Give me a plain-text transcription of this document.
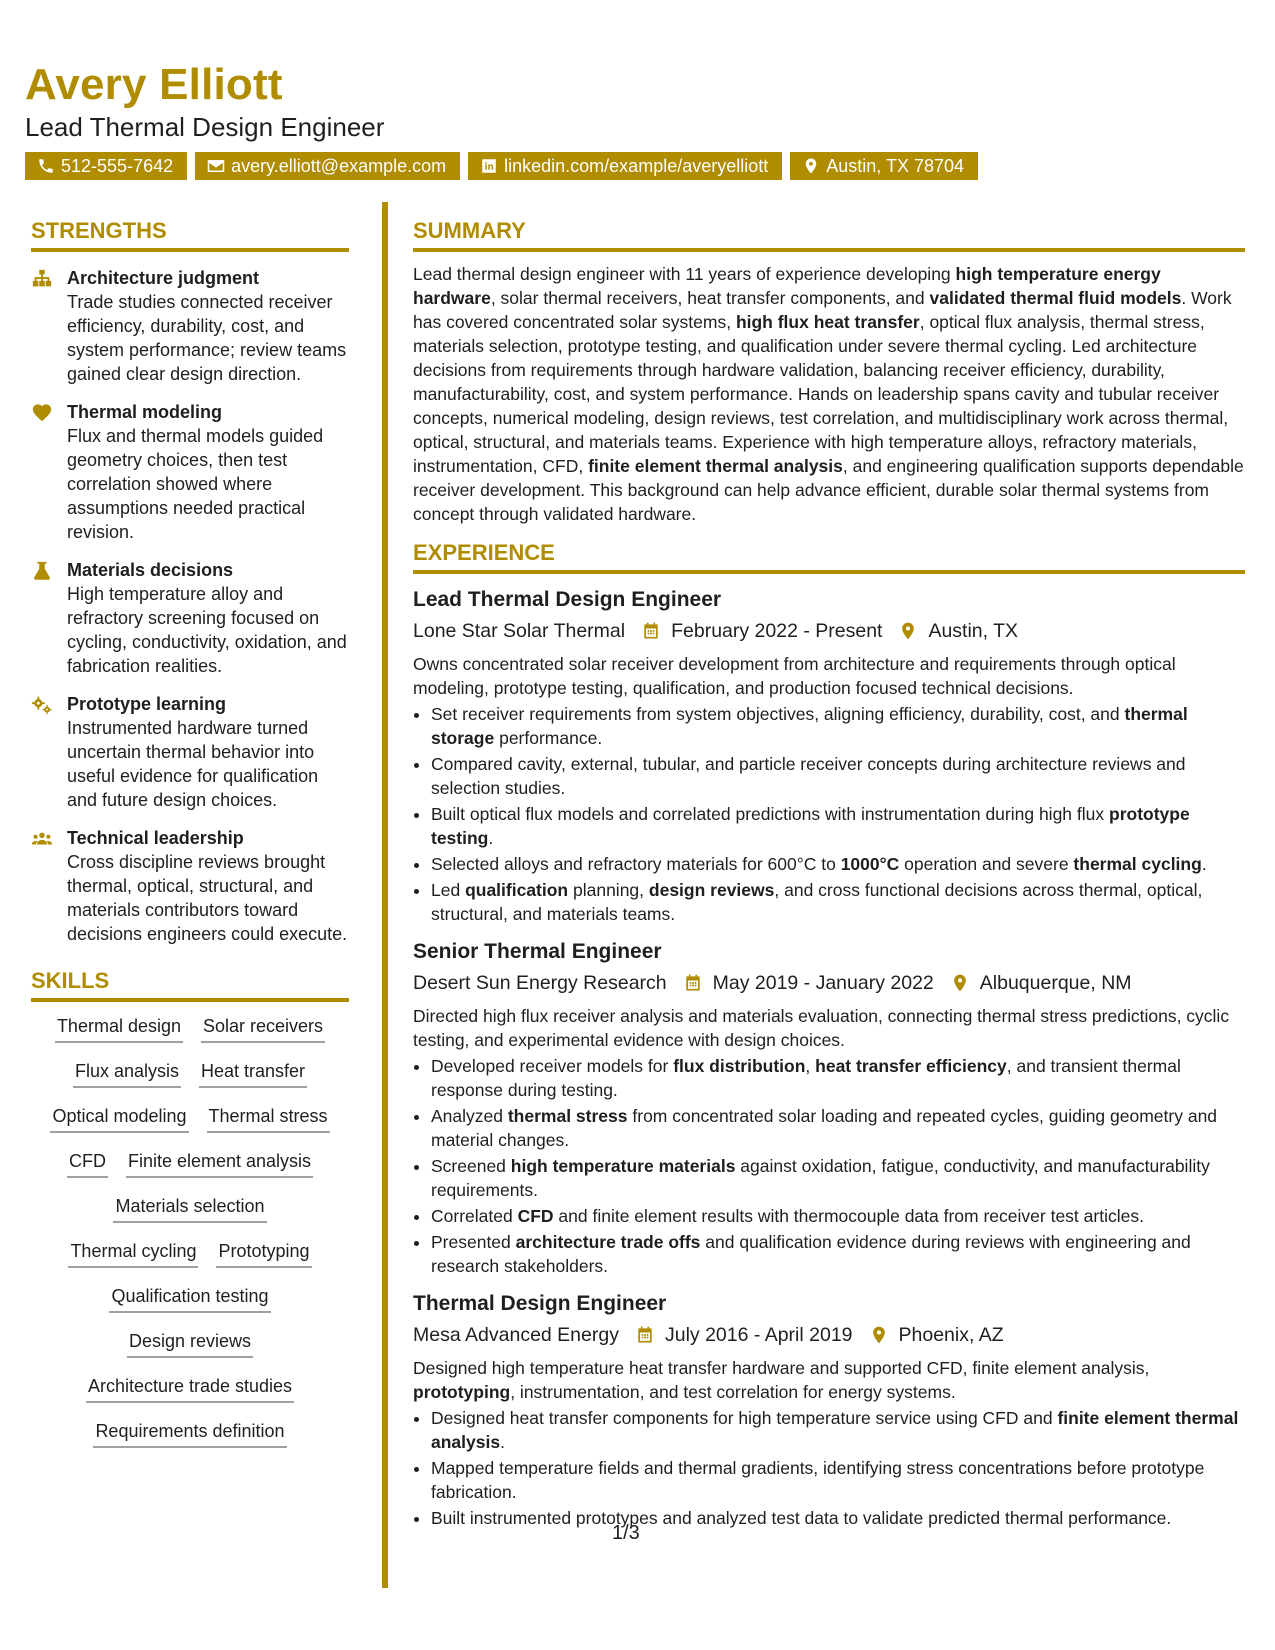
Avery Elliott
Lead Thermal Design Engineer
512-555-7642	avery.elliott@example.com	linkedin.com/example/averyelliott	Austin, TX 78704
STRENGTHS
Architecture judgment
Trade studies connected receiver efficiency, durability, cost, and system performance; review teams gained clear design direction.
Thermal modeling
Flux and thermal models guided geometry choices, then test correlation showed where assumptions needed practical revision.
Materials decisions
High temperature alloy and refractory screening focused on cycling, conductivity, oxidation, and fabrication realities.
Prototype learning
Instrumented hardware turned uncertain thermal behavior into useful evidence for qualification and future design choices.
Technical leadership
Cross discipline reviews brought thermal, optical, structural, and materials contributors toward decisions engineers could execute.
SKILLS
Thermal design Solar receivers
Flux analysis Heat transfer
Optical modeling Thermal stress
CFD Finite element analysis
Materials selection
Thermal cycling Prototyping
Qualification testing
Design reviews
Architecture trade studies
Requirements definition
SUMMARY

Lead thermal design engineer with 11 years of experience developing high temperature energy hardware, solar thermal receivers, heat transfer components, and validated thermal fluid models. Work has covered concentrated solar systems, high flux heat transfer, optical flux analysis, thermal stress, materials selection, prototype testing, and qualification under severe thermal cycling. Led architecture decisions from requirements through hardware validation, balancing receiver efficiency, durability, manufacturability, cost, and system performance. Hands on leadership spans cavity and tubular receiver concepts, numerical modeling, design reviews, test correlation, and multidisciplinary work across thermal, optical, structural, and materials teams. Experience with high temperature alloys, refractory materials, instrumentation, CFD, finite element thermal analysis, and engineering qualification supports dependable receiver development. This background can help advance efficient, durable solar thermal systems from concept through validated hardware.

EXPERIENCE
Lead Thermal Design Engineer
Lone Star Solar Thermal February 2022 - Present Austin, TX
Owns concentrated solar receiver development from architecture and requirements through optical modeling, prototype testing, qualification, and production focused technical decisions.
• Set receiver requirements from system objectives, aligning efficiency, durability, cost, and thermal storage performance.
• Compared cavity, external, tubular, and particle receiver concepts during architecture reviews and selection studies.
• Built optical flux models and correlated predictions with instrumentation during high flux prototype testing.
• Selected alloys and refractory materials for 600°C to 1000°C operation and severe thermal cycling.
• Led qualification planning, design reviews, and cross functional decisions across thermal, optical, structural, and materials teams.
Senior Thermal Engineer
Desert Sun Energy Research May 2019 - January 2022 Albuquerque, NM
Directed high flux receiver analysis and materials evaluation, connecting thermal stress predictions, cyclic testing, and experimental evidence with design choices.
• Developed receiver models for flux distribution, heat transfer efficiency, and transient thermal response during testing.
• Analyzed thermal stress from concentrated solar loading and repeated cycles, guiding geometry and material changes.
• Screened high temperature materials against oxidation, fatigue, conductivity, and manufacturability requirements.
• Correlated CFD and finite element results with thermocouple data from receiver test articles.
• Presented architecture trade offs and qualification evidence during reviews with engineering and research stakeholders.
Thermal Design Engineer
Mesa Advanced Energy July 2016 - April 2019 Phoenix, AZ
Designed high temperature heat transfer hardware and supported CFD, finite element analysis, prototyping, instrumentation, and test correlation for energy systems.
• Designed heat transfer components for high temperature service using CFD and finite element thermal analysis.
• Mapped temperature fields and thermal gradients, identifying stress concentrations before prototype fabrication.
• Built instrumented prototypes and analyzed test data to validate predicted thermal performance.
1/3
